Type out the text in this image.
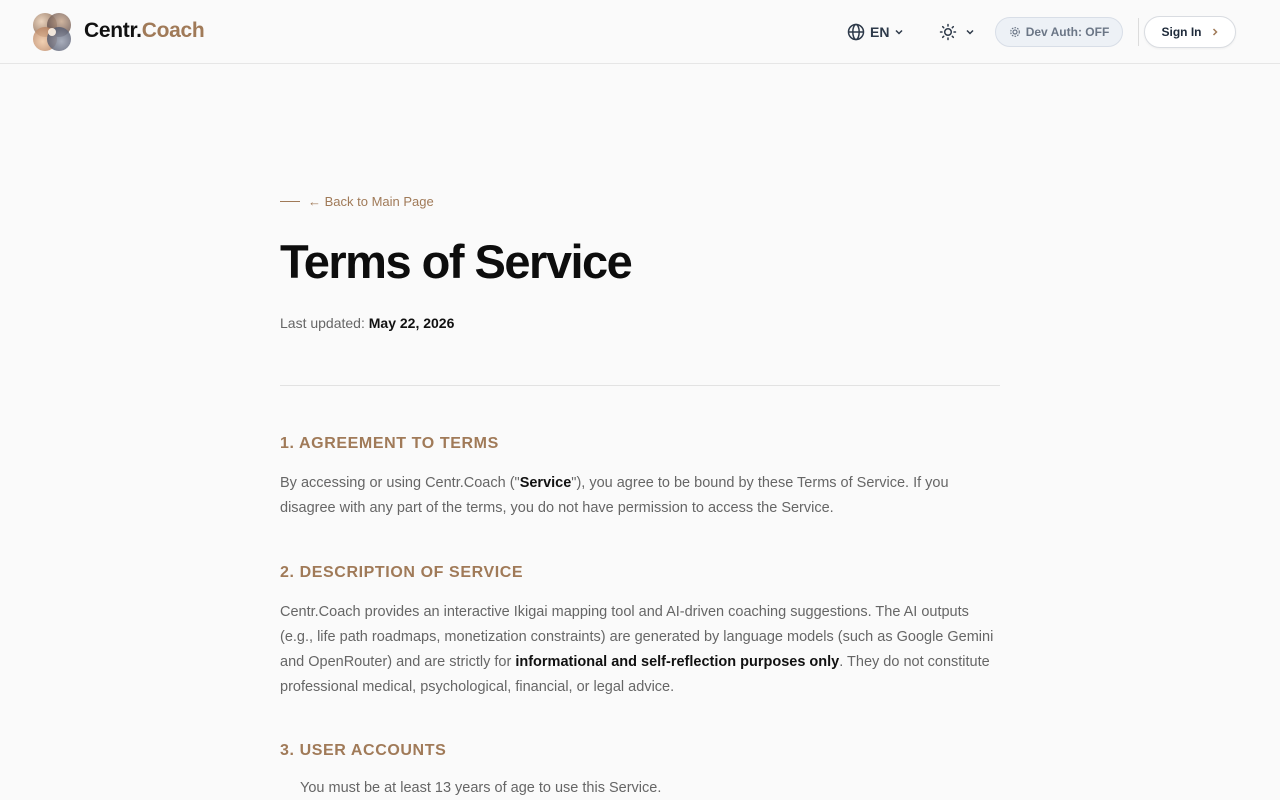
Centr.Coach	EN	Dev Auth: OFF	Sign In
← Back to Main Page
Terms of Service
Last updated: May 22, 2026
1. AGREEMENT TO TERMS

By accessing or using Centr.Coach ("Service"), you agree to be bound by these Terms of Service. If you disagree with any part of the terms, you do not have permission to access the Service.

2. DESCRIPTION OF SERVICE

Centr.Coach provides an interactive Ikigai mapping tool and AI-driven coaching suggestions. The AI outputs (e.g., life path roadmaps, monetization constraints) are generated by language models (such as Google Gemini and OpenRouter) and are strictly for informational and self-reflection purposes only. They do not constitute professional medical, psychological, financial, or legal advice.

3. USER ACCOUNTS
You must be at least 13 years of age to use this Service.
